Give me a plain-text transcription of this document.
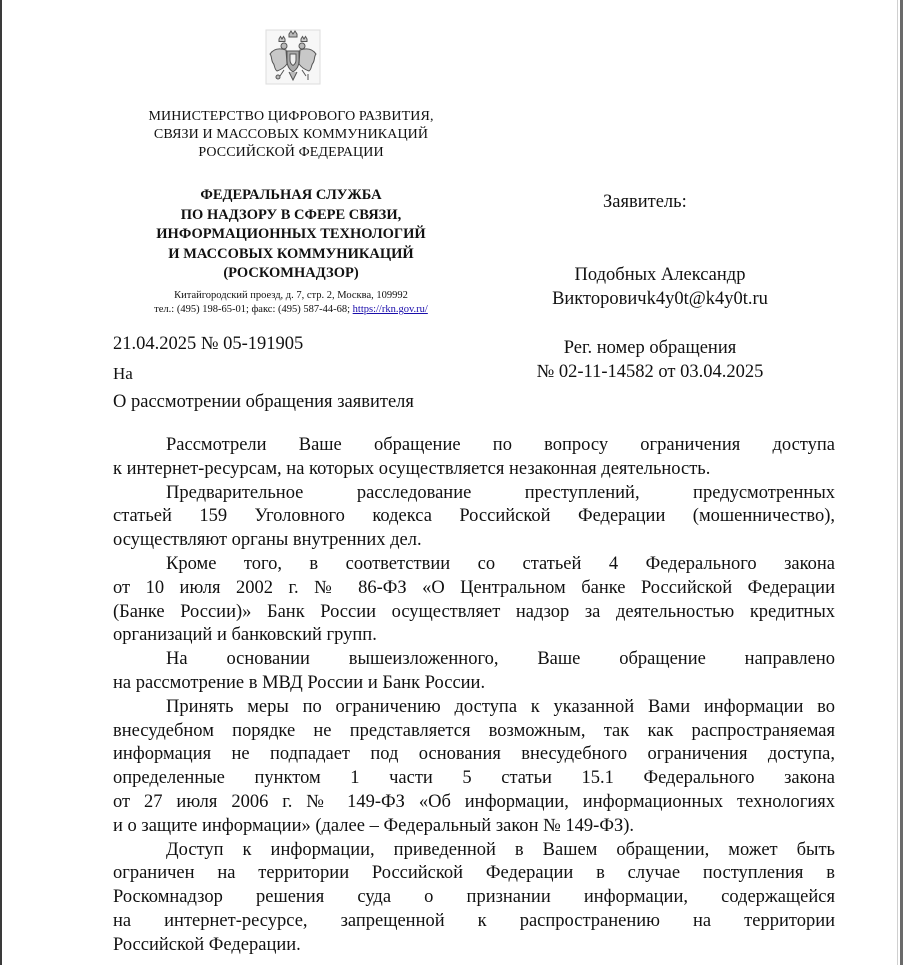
МИНИСТЕРСТВО ЦИФРОВОГО РАЗВИТИЯ,
СВЯЗИ И МАССОВЫХ КОММУНИКАЦИЙ
РОССИЙСКОЙ ФЕДЕРАЦИИ
ФЕДЕРАЛЬНАЯ СЛУЖБА
ПО НАДЗОРУ В СФЕРЕ СВЯЗИ,
ИНФОРМАЦИОННЫХ ТЕХНОЛОГИЙ
И МАССОВЫХ КОММУНИКАЦИЙ
(РОСКОМНАДЗОР)
Китайгородский проезд, д. 7, стр. 2, Москва, 109992
тел.: (495) 198-65-01; факс: (495) 587-44-68; https://rkn.gov.ru/
21.04.2025 № 05-191905
На
О рассмотрении обращения заявителя
Заявитель:
Подобных Александр
Викторовичk4y0t@k4y0t.ru
Рег. номер обращения
№ 02-11-14582 от 03.04.2025

Рассмотрели Ваше обращение по вопросу ограничения доступа
к интернет-ресурсам, на которых осуществляется незаконная деятельность.

Предварительное расследование преступлений, предусмотренных
статьей 159 Уголовного кодекса Российской Федерации (мошенничество),
осуществляют органы внутренних дел.

Кроме того, в соответствии со статьей 4 Федерального закона
от 10 июля 2002 г. № 86-ФЗ «О Центральном банке Российской Федерации
(Банке России)» Банк России осуществляет надзор за деятельностью кредитных
организаций и банковский групп.

На основании вышеизложенного, Ваше обращение направлено
на рассмотрение в МВД России и Банк России.

Принять меры по ограничению доступа к указанной Вами информации во
внесудебном порядке не представляется возможным, так как распространяемая
информация не подпадает под основания внесудебного ограничения доступа,
определенные пунктом 1 части 5 статьи 15.1 Федерального закона
от 27 июля 2006 г. № 149-ФЗ «Об информации, информационных технологиях
и о защите информации» (далее – Федеральный закон № 149-ФЗ).

Доступ к информации, приведенной в Вашем обращении, может быть
ограничен на территории Российской Федерации в случае поступления в
Роскомнадзор решения суда о признании информации, содержащейся
на интернет-ресурсе, запрещенной к распространению на территории
Российской Федерации.
